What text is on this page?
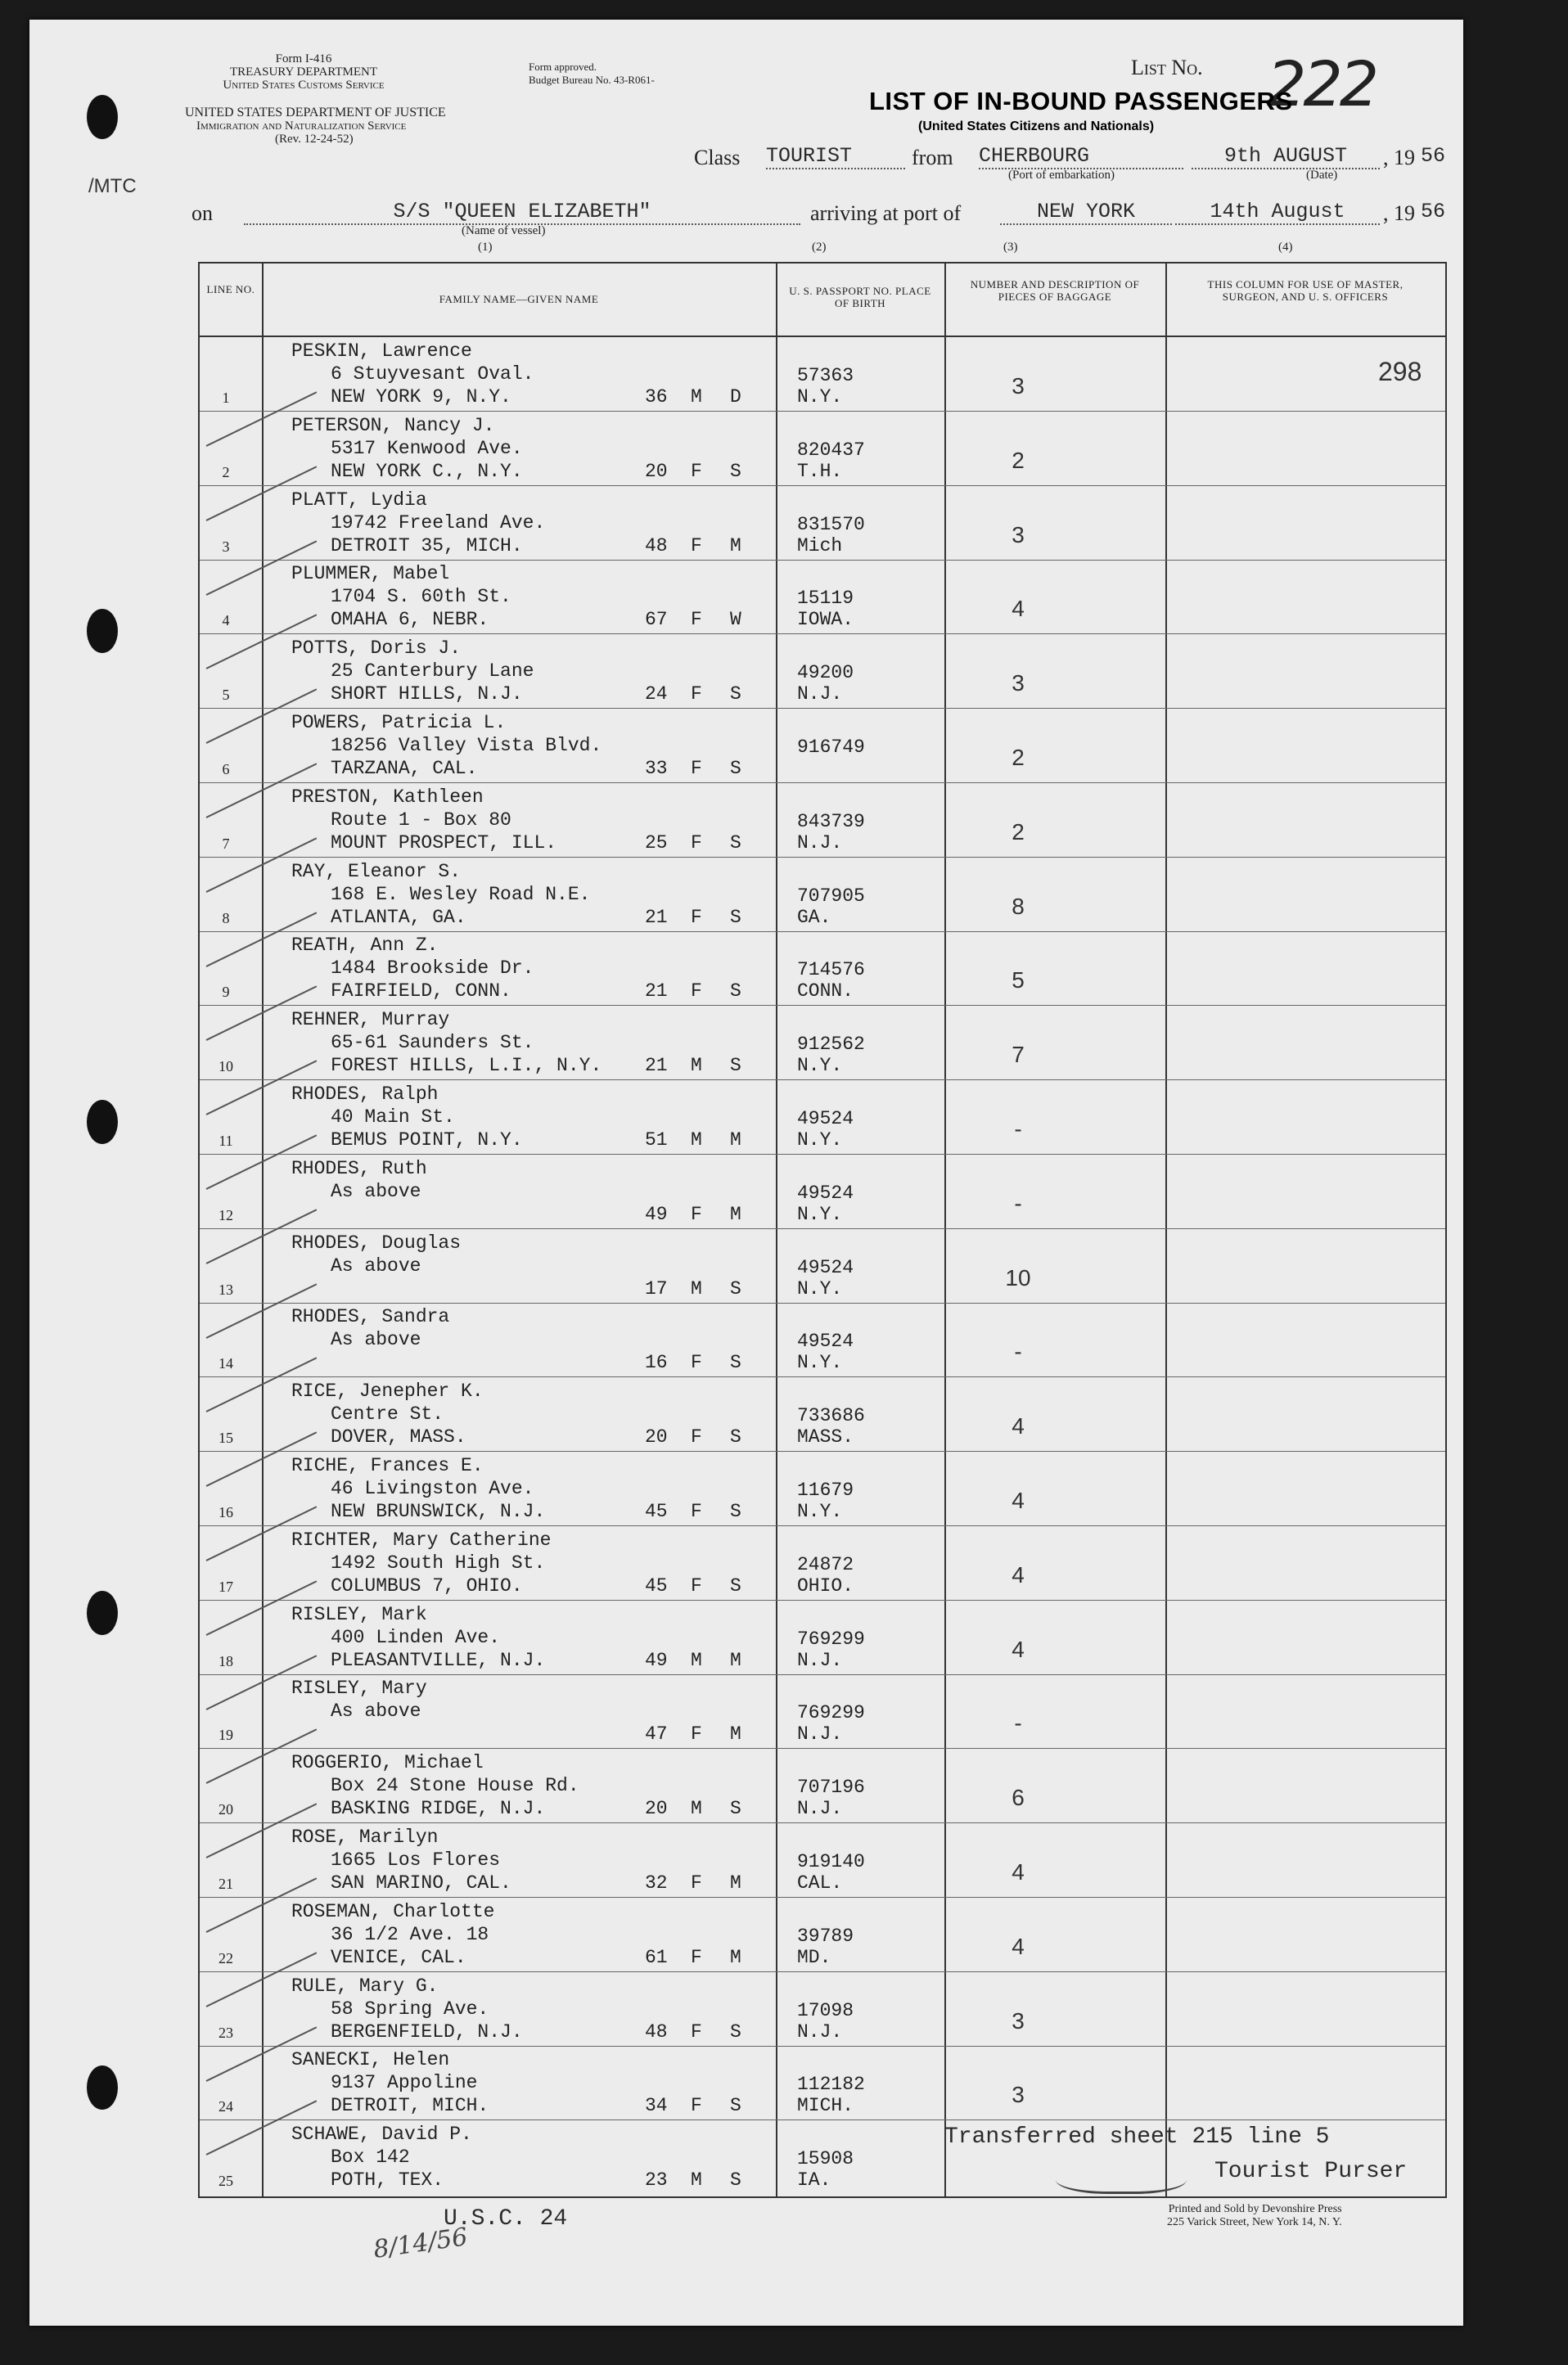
Form I-416
TREASURY DEPARTMENT
United States Customs Service
UNITED STATES DEPARTMENT OF JUSTICE
Immigration and Naturalization Service
(Rev. 12-24-52)
Form approved.
Budget Bureau No. 43-R061-
/MTC
List No. 222
LIST OF IN-BOUND PASSENGERS
(United States Citizens and Nationals)
Class TOURIST	from CHERBOURG
(Port of embarkation)
9th AUGUST	, 19 56
(Date)
on	S/S "QUEEN ELIZABETH"
(Name of vessel)
arriving at port of	NEW YORK	14th August	, 19 56
(1)	(2)	(3)	(4)
LINE NO.
FAMILY NAME—GIVEN NAME
U. S. PASSPORT NO. PLACE OF BIRTH
NUMBER AND DESCRIPTION OF PIECES OF BAGGAGE
THIS COLUMN FOR USE OF MASTER, SURGEON, AND U. S. OFFICERS
1
PESKIN, Lawrence
6 Stuyvesant Oval.
NEW YORK 9, N.Y.	36 M D
57363
N.Y.	3	298
2
PETERSON, Nancy J.
5317 Kenwood Ave.
NEW YORK C., N.Y.	20 F S
820437
T.H.	2
3
PLATT, Lydia
19742 Freeland Ave.
DETROIT 35, MICH.	48 F M
831570
Mich	3
4
PLUMMER, Mabel
1704 S. 60th St.
OMAHA 6, NEBR.	67 F W
15119
IOWA.	4
5
POTTS, Doris J.
25 Canterbury Lane
SHORT HILLS, N.J.	24 F S
49200
N.J.	3
6
POWERS, Patricia L.
18256 Valley Vista Blvd.
TARZANA, CAL.	33 F S
916749	2
7
PRESTON, Kathleen
Route 1 - Box 80
MOUNT PROSPECT, ILL.	25 F S
843739
N.J.	2
8
RAY, Eleanor S.
168 E. Wesley Road N.E.
ATLANTA, GA.	21 F S
707905
GA.	8
9
REATH, Ann Z.
1484 Brookside Dr.
FAIRFIELD, CONN.	21 F S
714576
CONN.	5
10
REHNER, Murray
65-61 Saunders St.
FOREST HILLS, L.I., N.Y. 21 M S
912562
N.Y.	7
11
RHODES, Ralph
40 Main St.
BEMUS POINT, N.Y.	51 M M
49524
N.Y.	-
12
RHODES, Ruth
As above
49 F M
49524
N.Y.	-
13
RHODES, Douglas
As above
17 M S
49524
N.Y.	10
14
RHODES, Sandra
As above
16 F S
49524
N.Y.	-
15
RICE, Jenepher K.
Centre St.
DOVER, MASS.	20 F S
733686
MASS.	4
16
RICHE, Frances E.
46 Livingston Ave.
NEW BRUNSWICK, N.J.	45 F S
11679
N.Y.	4
17
RICHTER, Mary Catherine
1492 South High St.
COLUMBUS 7, OHIO.	45 F S
24872
OHIO.	4
18
RISLEY, Mark
400 Linden Ave.
PLEASANTVILLE, N.J.	49 M M
769299
N.J.	4
19
RISLEY, Mary
As above
47 F M
769299
N.J.	-
20
ROGGERIO, Michael
Box 24 Stone House Rd.
BASKING RIDGE, N.J.	20 M S
707196
N.J.	6
21
ROSE, Marilyn
1665 Los Flores
SAN MARINO, CAL.	32 F M
919140
CAL.	4
22
ROSEMAN, Charlotte
36 1/2 Ave. 18
VENICE, CAL.	61 F M
39789
MD.	4
23
RULE, Mary G.
58 Spring Ave.
BERGENFIELD, N.J.	48 F S
17098
N.J.	3
24
SANECKI, Helen
9137 Appoline
DETROIT, MICH.	34 F S
112182
MICH.	3
25
SCHAWE, David P.
Box 142
POTH, TEX.	23 M S
15908
IA.
Transferred sheet 215 line 5
Tourist Purser
U.S.C. 24
8/14/56
Printed and Sold by Devonshire Press
225 Varick Street, New York 14, N. Y.
